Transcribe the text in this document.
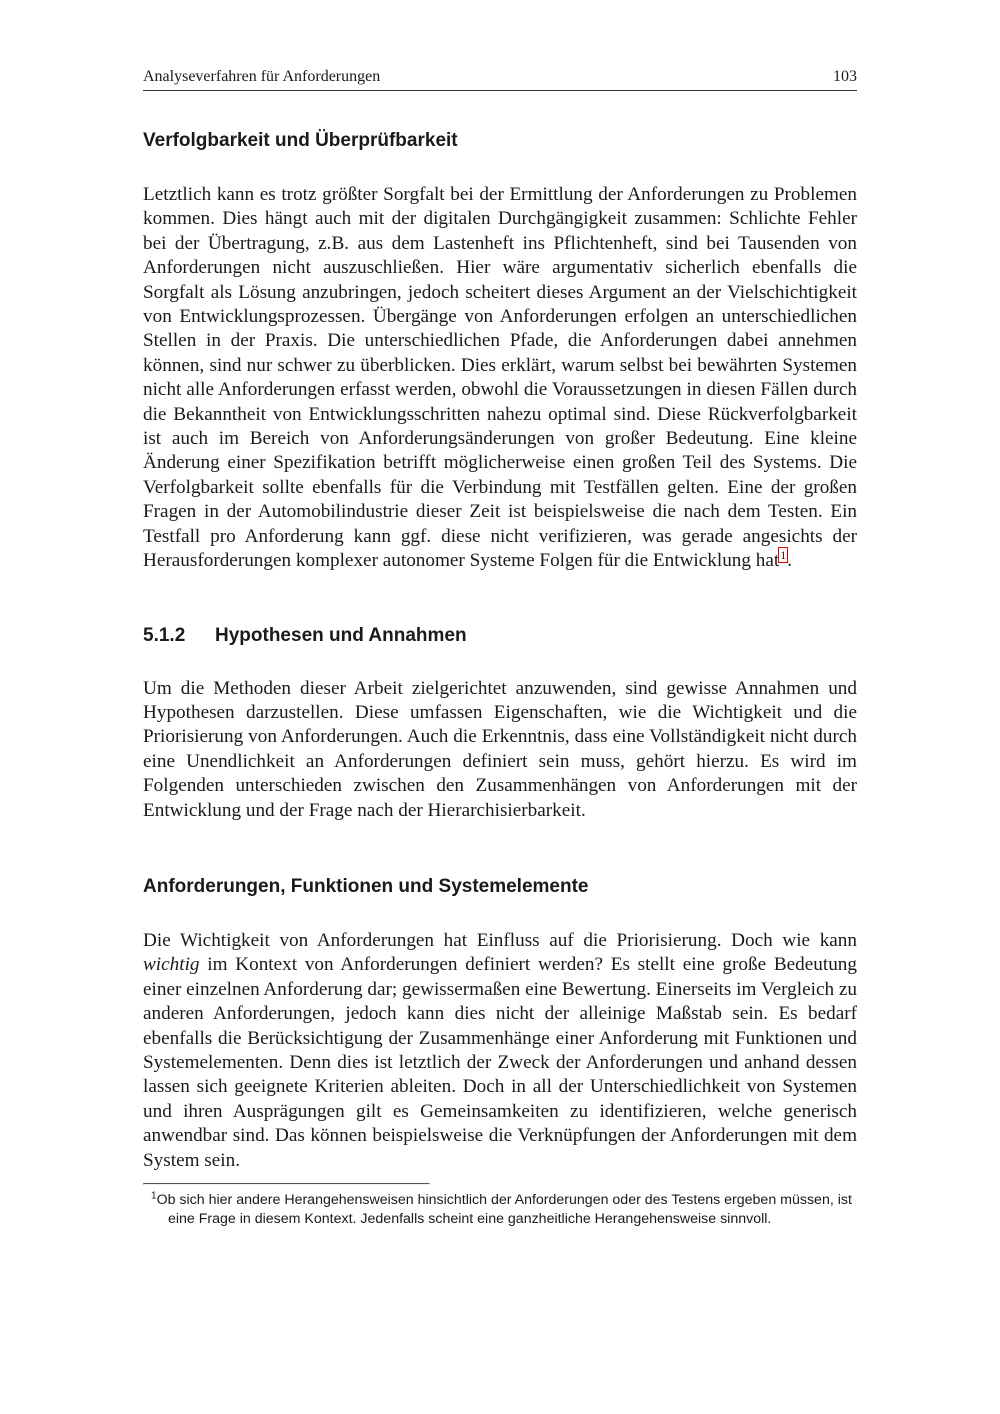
Analyseverfahren für Anforderungen	103
Verfolgbarkeit und Überprüfbarkeit

Letztlich kann es trotz größter Sorgfalt bei der Ermittlung der Anforderungen zu Problemen kommen. Dies hängt auch mit der digitalen Durchgängigkeit zusammen: Schlichte Fehler bei der Übertragung, z.B. aus dem Lastenheft ins Pflichtenheft, sind bei Tausenden von Anforderungen nicht auszuschließen. Hier wäre argumentativ sicherlich ebenfalls die Sorgfalt als Lösung anzubringen, jedoch scheitert dieses Argument an der Vielschichtigkeit von Entwicklungsprozessen. Übergänge von Anforderungen erfolgen an unterschiedlichen Stellen in der Praxis. Die unterschiedlichen Pfade, die Anforderungen dabei annehmen können, sind nur schwer zu überblicken. Dies erklärt, warum selbst bei bewährten Systemen nicht alle Anforderungen erfasst werden, obwohl die Voraussetzungen in diesen Fällen durch die Bekanntheit von Entwicklungsschritten nahezu optimal sind. Diese Rückverfolgbarkeit ist auch im Bereich von Anforderungsänderungen von großer Bedeutung. Eine kleine Änderung einer Spezifikation betrifft möglicherweise einen großen Teil des Systems. Die Verfolgbarkeit sollte ebenfalls für die Verbindung mit Testfällen gelten. Eine der großen Fragen in der Automobilindustrie dieser Zeit ist beispielsweise die nach dem Testen. Ein Testfall pro Anforderung kann ggf. diese nicht verifizieren, was gerade angesichts der Herausforderungen komplexer autonomer Systeme Folgen für die Entwicklung hat$^1$.

5.1.2	Hypothesen und Annahmen

Um die Methoden dieser Arbeit zielgerichtet anzuwenden, sind gewisse Annahmen und Hypothesen darzustellen. Diese umfassen Eigenschaften, wie die Wichtigkeit und die Priorisierung von Anforderungen. Auch die Erkenntnis, dass eine Vollständigkeit nicht durch eine Unendlichkeit an Anforderungen definiert sein muss, gehört hierzu. Es wird im Folgenden unterschieden zwischen den Zusammenhängen von Anforderungen mit der Entwicklung und der Frage nach der Hierarchisierbarkeit.

Anforderungen, Funktionen und Systemelemente

Die Wichtigkeit von Anforderungen hat Einfluss auf die Priorisierung. Doch wie kann wichtig im Kontext von Anforderungen definiert werden? Es stellt eine große Bedeutung einer einzelnen Anforderung dar; gewissermaßen eine Bewertung. Einerseits im Vergleich zu anderen Anforderungen, jedoch kann dies nicht der alleinige Maßstab sein. Es bedarf ebenfalls die Berücksichtigung der Zusammenhänge einer Anforderung mit Funktionen und Systemelementen. Denn dies ist letztlich der Zweck der Anforderungen und anhand dessen lassen sich geeignete Kriterien ableiten. Doch in all der Unterschiedlichkeit von Systemen und ihren Ausprägungen gilt es Gemeinsamkeiten zu identifizieren, welche generisch anwendbar sind. Das können beispielsweise die Verknüpfungen der Anforderungen mit dem System sein.

$^1$Ob sich hier andere Herangehensweisen hinsichtlich der Anforderungen oder des Testens ergeben müssen, ist eine Frage in diesem Kontext. Jedenfalls scheint eine ganzheitliche Herangehensweise sinnvoll.
